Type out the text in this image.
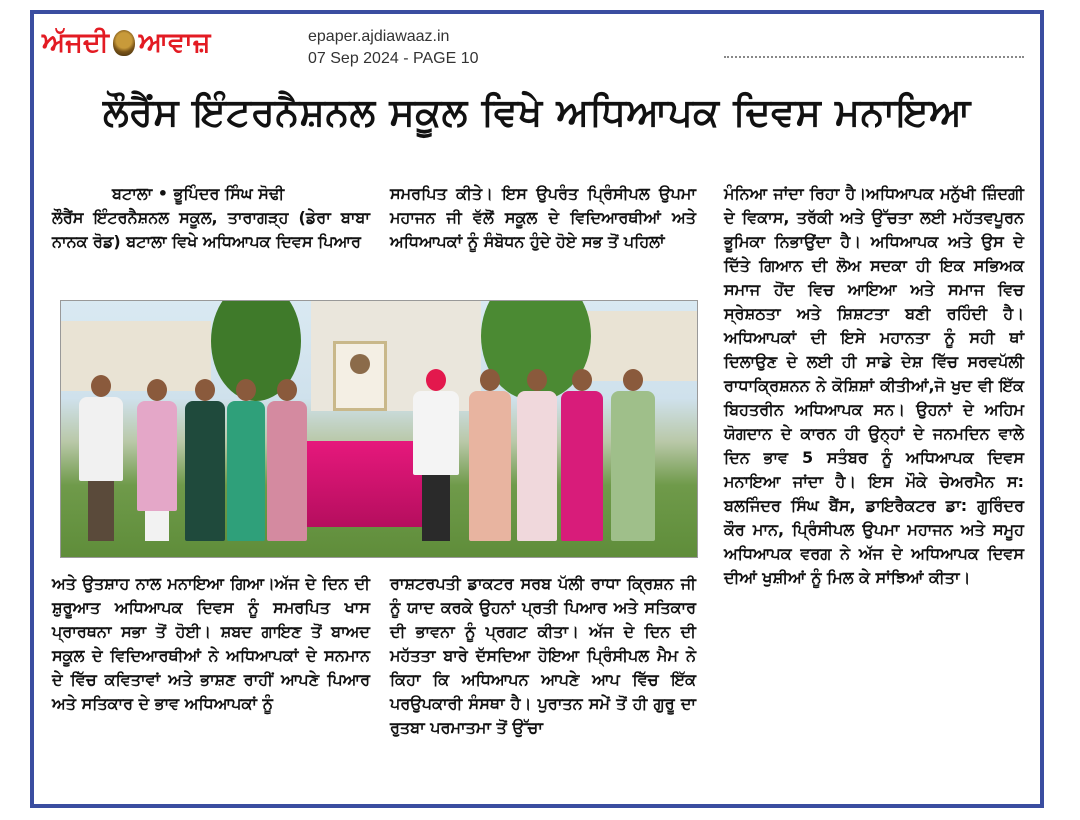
ਅੱਜਦੀ ਆਵਾਜ਼	epaper.ajdiawaaz.in
07 Sep 2024 - PAGE 10
ਲੌਰੈਂਸ ਇੰਟਰਨੈਸ਼ਨਲ ਸਕੂਲ ਵਿਖੇ ਅਧਿਆਪਕ ਦਿਵਸ ਮਨਾਇਆ

ਬਟਾਲਾ • ਭੂਪਿੰਦਰ ਸਿੰਘ ਸੋਢੀ

ਲੌਰੈਂਸ ਇੰਟਰਨੈਸ਼ਨਲ ਸਕੂਲ, ਤਾਰਾਗੜ੍ਹ (ਡੇਰਾ ਬਾਬਾ ਨਾਨਕ ਰੋਡ) ਬਟਾਲਾ ਵਿਖੇ ਅਧਿਆਪਕ ਦਿਵਸ ਪਿਆਰ

ਸਮਰਪਿਤ ਕੀਤੇ। ਇਸ ਉਪਰੰਤ ਪ੍ਰਿੰਸੀਪਲ ਉਪਮਾ ਮਹਾਜਨ ਜੀ ਵੱਲੋਂ ਸਕੂਲ ਦੇ ਵਿਦਿਆਰਥੀਆਂ ਅਤੇ ਅਧਿਆਪਕਾਂ ਨੂੰ ਸੰਬੋਧਨ ਹੁੰਦੇ ਹੋਏ ਸਭ ਤੋਂ ਪਹਿਲਾਂ

ਮੰਨਿਆ ਜਾਂਦਾ ਰਿਹਾ ਹੈ।ਅਧਿਆਪਕ ਮਨੁੱਖੀ ਜ਼ਿੰਦਗੀ ਦੇ ਵਿਕਾਸ, ਤਰੱਕੀ ਅਤੇ ਉੱਚਤਾ ਲਈ ਮਹੱਤਵਪੂਰਨ ਭੂਮਿਕਾ ਨਿਭਾਉਂਦਾ ਹੈ। ਅਧਿਆਪਕ ਅਤੇ ਉਸ ਦੇ ਦਿੱਤੇ ਗਿਆਨ ਦੀ ਲੋਅ ਸਦਕਾ ਹੀ ਇਕ ਸਭਿਅਕ ਸਮਾਜ ਹੋਂਦ ਵਿਚ ਆਇਆ ਅਤੇ ਸਮਾਜ ਵਿਚ ਸ੍ਰੇਸ਼ਠਤਾ ਅਤੇ ਸ਼ਿਸ਼ਟਤਾ ਬਣੀ ਰਹਿੰਦੀ ਹੈ। ਅਧਿਆਪਕਾਂ ਦੀ ਇਸੇ ਮਹਾਨਤਾ ਨੂੰ ਸਹੀ ਥਾਂ ਦਿਲਾਉਣ ਦੇ ਲਈ ਹੀ ਸਾਡੇ ਦੇਸ਼ ਵਿੱਚ ਸਰਵਪੱਲੀ ਰਾਧਾਕ੍ਰਿਸ਼ਨਨ ਨੇ ਕੋਸ਼ਿਸ਼ਾਂ ਕੀਤੀਆਂ,ਜੋ ਖੁਦ ਵੀ ਇੱਕ ਬਿਹਤਰੀਨ ਅਧਿਆਪਕ ਸਨ। ਉਹਨਾਂ ਦੇ ਅਹਿਮ ਯੋਗਦਾਨ ਦੇ ਕਾਰਨ ਹੀ ਉਨ੍ਹਾਂ ਦੇ ਜਨਮਦਿਨ ਵਾਲੇ ਦਿਨ ਭਾਵ 5 ਸਤੰਬਰ ਨੂੰ ਅਧਿਆਪਕ ਦਿਵਸ ਮਨਾਇਆ ਜਾਂਦਾ ਹੈ। ਇਸ ਮੌਕੇ ਚੇਅਰਮੈਨ ਸ: ਬਲਜਿੰਦਰ ਸਿੰਘ ਬੈਂਸ, ਡਾਇਰੈਕਟਰ ਡਾ: ਗੁਰਿੰਦਰ ਕੌਰ ਮਾਨ, ਪ੍ਰਿੰਸੀਪਲ ਉਪਮਾ ਮਹਾਜਨ ਅਤੇ ਸਮੂਹ ਅਧਿਆਪਕ ਵਰਗ ਨੇ ਅੱਜ ਦੇ ਅਧਿਆਪਕ ਦਿਵਸ ਦੀਆਂ ਖੁਸ਼ੀਆਂ ਨੂੰ ਮਿਲ ਕੇ ਸਾਂਝਿਆਂ ਕੀਤਾ।

ਅਤੇ ਉਤਸ਼ਾਹ ਨਾਲ ਮਨਾਇਆ ਗਿਆ।ਅੱਜ ਦੇ ਦਿਨ ਦੀ ਸ਼ੁਰੂਆਤ ਅਧਿਆਪਕ ਦਿਵਸ ਨੂੰ ਸਮਰਪਿਤ ਖਾਸ ਪ੍ਰਾਰਥਨਾ ਸਭਾ ਤੋਂ ਹੋਈ। ਸ਼ਬਦ ਗਾਇਣ ਤੋਂ ਬਾਅਦ ਸਕੂਲ ਦੇ ਵਿਦਿਆਰਥੀਆਂ ਨੇ ਅਧਿਆਪਕਾਂ ਦੇ ਸਨਮਾਨ ਦੇ ਵਿੱਚ ਕਵਿਤਾਵਾਂ ਅਤੇ ਭਾਸ਼ਣ ਰਾਹੀਂ ਆਪਣੇ ਪਿਆਰ ਅਤੇ ਸਤਿਕਾਰ ਦੇ ਭਾਵ ਅਧਿਆਪਕਾਂ ਨੂੰ

ਰਾਸ਼ਟਰਪਤੀ ਡਾਕਟਰ ਸਰਬ ਪੱਲੀ ਰਾਧਾ ਕ੍ਰਿਸ਼ਨ ਜੀ ਨੂੰ ਯਾਦ ਕਰਕੇ ਉਹਨਾਂ ਪ੍ਰਤੀ ਪਿਆਰ ਅਤੇ ਸਤਿਕਾਰ ਦੀ ਭਾਵਨਾ ਨੂੰ ਪ੍ਰਗਟ ਕੀਤਾ। ਅੱਜ ਦੇ ਦਿਨ ਦੀ ਮਹੱਤਤਾ ਬਾਰੇ ਦੱਸਦਿਆ ਹੋਇਆ ਪ੍ਰਿੰਸੀਪਲ ਮੈਮ ਨੇ ਕਿਹਾ ਕਿ ਅਧਿਆਪਨ ਆਪਣੇ ਆਪ ਵਿੱਚ ਇੱਕ ਪਰਉਪਕਾਰੀ ਸੰਸਥਾ ਹੈ। ਪੁਰਾਤਨ ਸਮੇਂ ਤੋਂ ਹੀ ਗੁਰੂ ਦਾ ਰੁਤਬਾ ਪਰਮਾਤਮਾ ਤੋਂ ਉੱਚਾ
